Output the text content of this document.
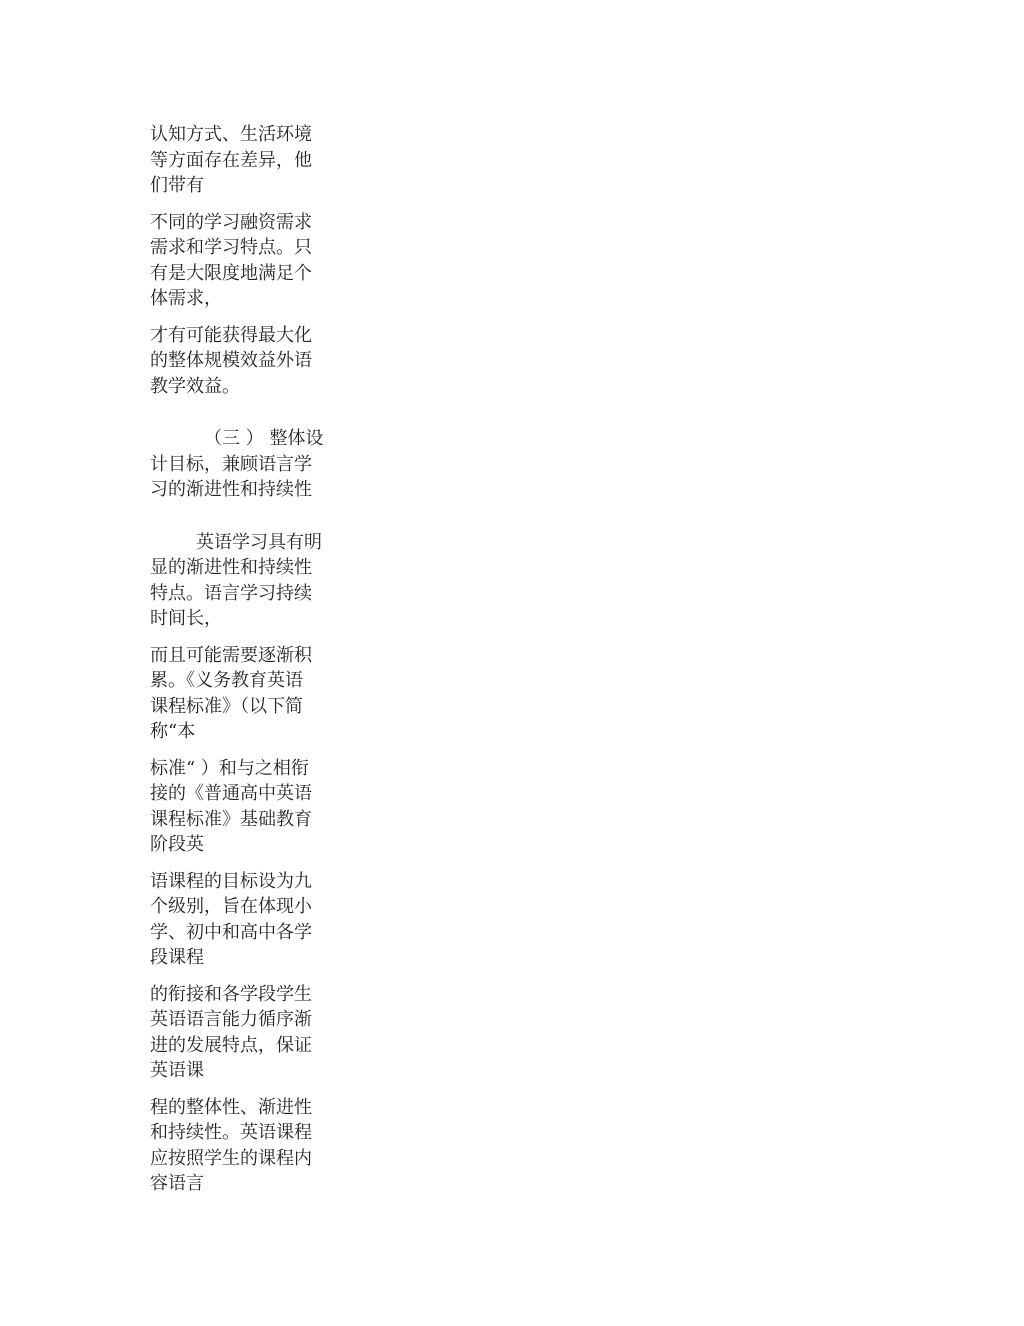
认知方式、生活环境
等方面存在差异，他
们带有
不同的学习融资需求
需求和学习特点。只
有是大限度地满足个
体需求，
才有可能获得最大化
的整体规模效益外语
教学效益。
（三 ） 整体设
计目标，兼顾语言学
习的渐进性和持续性
英语学习具有明
显的渐进性和持续性
特点。语言学习持续
时间长，
而且可能需要逐渐积
累。《义务教育英语
课程标准》（以下简
称“本
标准“ ）和与之相衔
接的《普通高中英语
课程标准》基础教育
阶段英
语课程的目标设为九
个级别，旨在体现小
学、初中和高中各学
段课程
的衔接和各学段学生
英语语言能力循序渐
进的发展特点，保证
英语课
程的整体性、渐进性
和持续性。英语课程
应按照学生的课程内
容语言
